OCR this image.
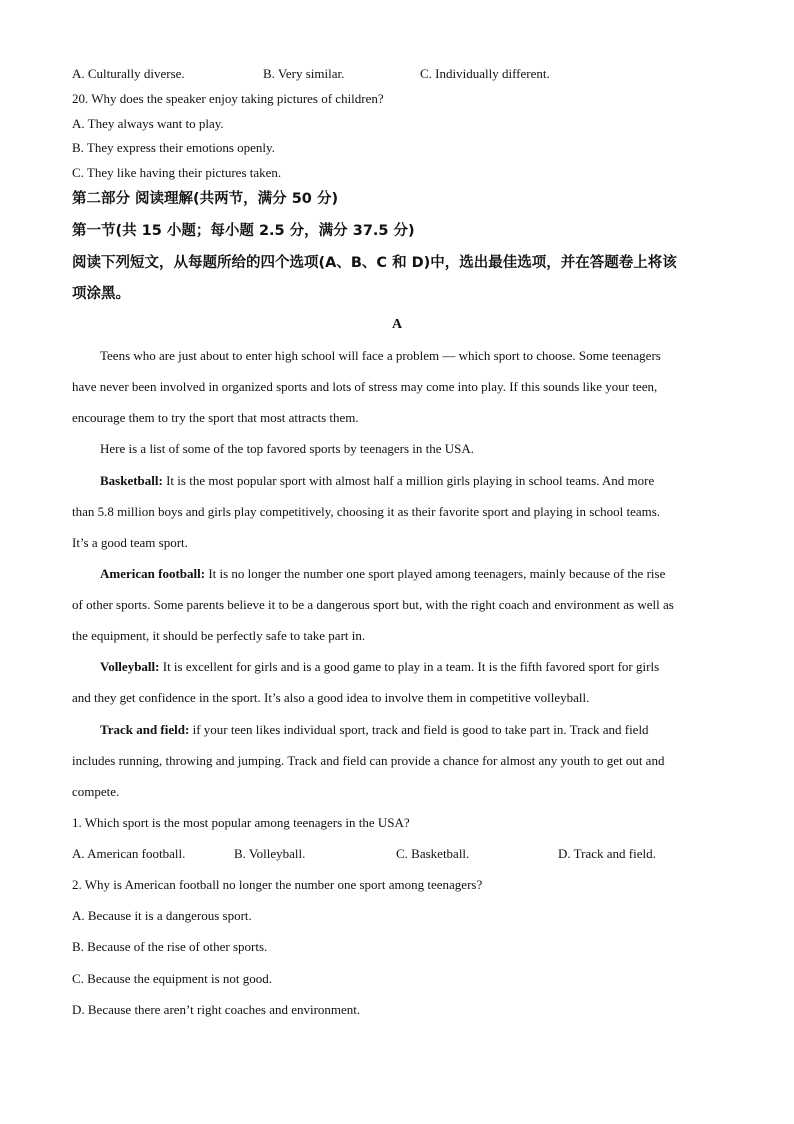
A. Culturally diverse.	B. Very similar.	C. Individually different.
20. Why does the speaker enjoy taking pictures of children?
A. They always want to play.
B. They express their emotions openly.
C. They like having their pictures taken.
第二部分 阅读理解(共两节，满分 50 分)
第一节(共 15 小题；每小题 2.5 分，满分 37.5 分)
阅读下列短文，从每题所给的四个选项(A、B、C 和 D)中，选出最佳选项，并在答题卷上将该
项涂黑。
A
Teens who are just about to enter high school will face a problem — which sport to choose. Some teenagers
have never been involved in organized sports and lots of stress may come into play. If this sounds like your teen,
encourage them to try the sport that most attracts them.
Here is a list of some of the top favored sports by teenagers in the USA.
Basketball: It is the most popular sport with almost half a million girls playing in school teams. And more
than 5.8 million boys and girls play competitively, choosing it as their favorite sport and playing in school teams.
It’s a good team sport.
American football: It is no longer the number one sport played among teenagers, mainly because of the rise
of other sports. Some parents believe it to be a dangerous sport but, with the right coach and environment as well as
the equipment, it should be perfectly safe to take part in.
Volleyball: It is excellent for girls and is a good game to play in a team. It is the fifth favored sport for girls
and they get confidence in the sport. It’s also a good idea to involve them in competitive volleyball.
Track and field: if your teen likes individual sport, track and field is good to take part in. Track and field
includes running, throwing and jumping. Track and field can provide a chance for almost any youth to get out and
compete.
1. Which sport is the most popular among teenagers in the USA?
A. American football.	B. Volleyball.	C. Basketball.	D. Track and field.
2. Why is American football no longer the number one sport among teenagers?
A. Because it is a dangerous sport.
B. Because of the rise of other sports.
C. Because the equipment is not good.
D. Because there aren’t right coaches and environment.
